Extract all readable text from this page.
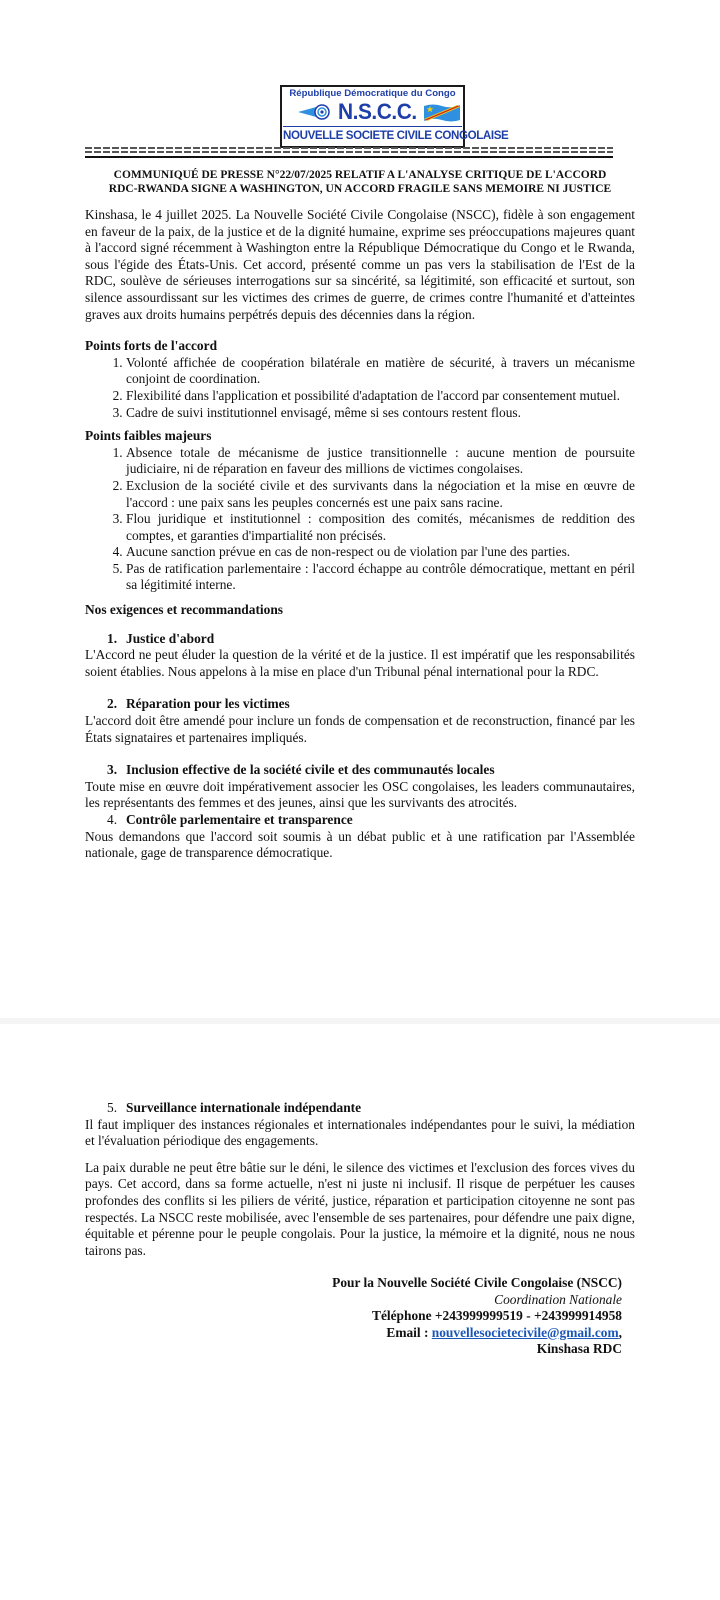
République Démocratique du Congo
N.S.C.C.
NOUVELLE SOCIETE CIVILE CONGOLAISE
COMMUNIQUÉ DE PRESSE N°22/07/2025 RELATIF A L'ANALYSE CRITIQUE DE L'ACCORD
RDC-RWANDA SIGNE A WASHINGTON, UN ACCORD FRAGILE SANS MEMOIRE NI JUSTICE

Kinshasa, le 4 juillet 2025. La Nouvelle Société Civile Congolaise (NSCC), fidèle à son engagement en faveur de la paix, de la justice et de la dignité humaine, exprime ses préoccupations majeures quant à l'accord signé récemment à Washington entre la République Démocratique du Congo et le Rwanda, sous l'égide des États-Unis. Cet accord, présenté comme un pas vers la stabilisation de l'Est de la RDC, soulève de sérieuses interrogations sur sa sincérité, sa légitimité, son efficacité et surtout, son silence assourdissant sur les victimes des crimes de guerre, de crimes contre l'humanité et d'atteintes graves aux droits humains perpétrés depuis des décennies dans la région.

Points forts de l'accord

1. Volonté affichée de coopération bilatérale en matière de sécurité, à travers un mécanisme conjoint de coordination.
2. Flexibilité dans l'application et possibilité d'adaptation de l'accord par consentement mutuel.
3. Cadre de suivi institutionnel envisagé, même si ses contours restent flous.

Points faibles majeurs

1. Absence totale de mécanisme de justice transitionnelle : aucune mention de poursuite judiciaire, ni de réparation en faveur des millions de victimes congolaises.
2. Exclusion de la société civile et des survivants dans la négociation et la mise en œuvre de l'accord : une paix sans les peuples concernés est une paix sans racine.
3. Flou juridique et institutionnel : composition des comités, mécanismes de reddition des comptes, et garanties d'impartialité non précisés.
4. Aucune sanction prévue en cas de non-respect ou de violation par l'une des parties.
5. Pas de ratification parlementaire : l'accord échappe au contrôle démocratique, mettant en péril sa légitimité interne.

Nos exigences et recommandations

1. Justice d'abord

L'Accord ne peut éluder la question de la vérité et de la justice. Il est impératif que les responsabilités soient établies. Nous appelons à la mise en place d'un Tribunal pénal international pour la RDC.

2. Réparation pour les victimes

L'accord doit être amendé pour inclure un fonds de compensation et de reconstruction, financé par les États signataires et partenaires impliqués.

3. Inclusion effective de la société civile et des communautés locales

Toute mise en œuvre doit impérativement associer les OSC congolaises, les leaders communautaires, les représentants des femmes et des jeunes, ainsi que les survivants des atrocités.

4. Contrôle parlementaire et transparence

Nous demandons que l'accord soit soumis à un débat public et à une ratification par l'Assemblée nationale, gage de transparence démocratique.

5. Surveillance internationale indépendante

Il faut impliquer des instances régionales et internationales indépendantes pour le suivi, la médiation et l'évaluation périodique des engagements.

La paix durable ne peut être bâtie sur le déni, le silence des victimes et l'exclusion des forces vives du pays. Cet accord, dans sa forme actuelle, n'est ni juste ni inclusif. Il risque de perpétuer les causes profondes des conflits si les piliers de vérité, justice, réparation et participation citoyenne ne sont pas respectés. La NSCC reste mobilisée, avec l'ensemble de ses partenaires, pour défendre une paix digne, équitable et pérenne pour le peuple congolais. Pour la justice, la mémoire et la dignité, nous ne nous tairons pas.

Pour la Nouvelle Société Civile Congolaise (NSCC)
Coordination Nationale
Téléphone +243999999519 - +243999914958
Email : nouvellesocietecivile@gmail.com,
Kinshasa RDC
